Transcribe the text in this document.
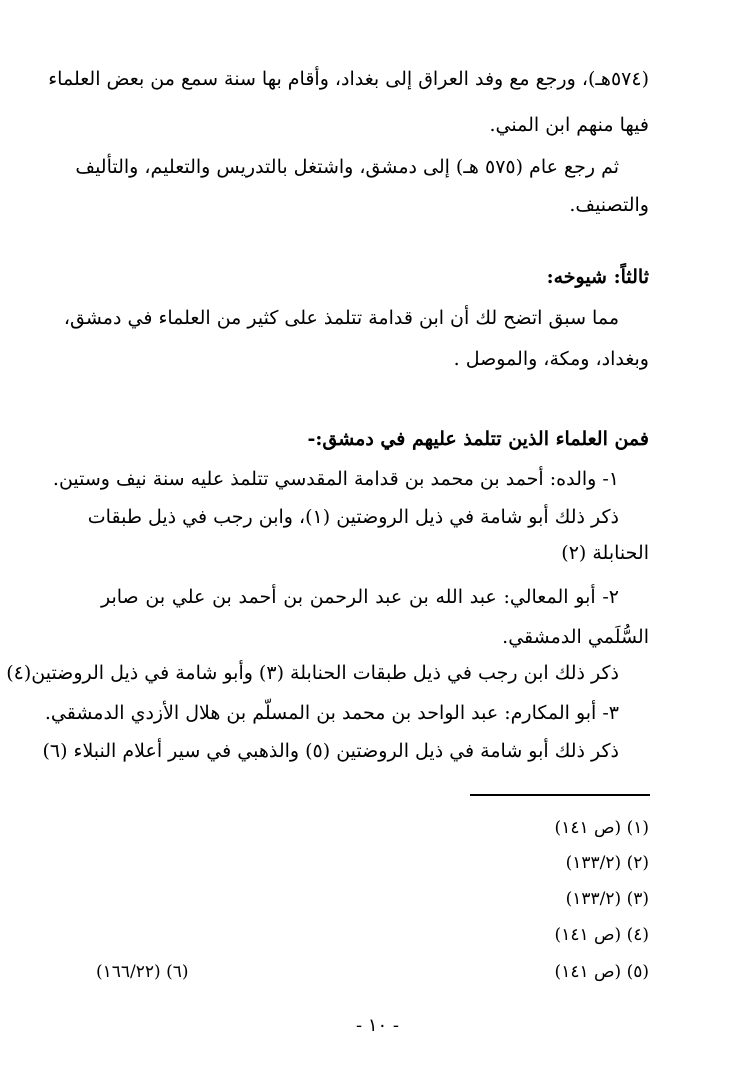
(٥٧٤هـ)، ورجع مع وفد العراق إلى بغداد، وأقام بها سنة سمع من بعض العلماء
فيها منهم ابن المني.
ثم رجع عام (٥٧٥ هـ) إلى دمشق، واشتغل بالتدريس والتعليم، والتأليف
والتصنيف.
ثالثاً: شيوخه:
مما سبق اتضح لك أن ابن قدامة تتلمذ على كثير من العلماء في دمشق،
وبغداد، ومكة، والموصل .
فمن العلماء الذين تتلمذ عليهم في دمشق:-
١- والده: أحمد بن محمد بن قدامة المقدسي تتلمذ عليه سنة نيف وستين.
ذكر ذلك أبو شامة في ذيل الروضتين (١)، وابن رجب في ذيل طبقات
الحنابلة (٢)
٢- أبو المعالي: عبد الله بن عبد الرحمن بن أحمد بن علي بن صابر
السُّلَمي الدمشقي.
ذكر ذلك ابن رجب في ذيل طبقات الحنابلة (٣) وأبو شامة في ذيل الروضتين(٤)
٣- أبو المكارم: عبد الواحد بن محمد بن المسلّم بن هلال الأزدي الدمشقي.
ذكر ذلك أبو شامة في ذيل الروضتين (٥) والذهبي في سير أعلام النبلاء (٦)
(١) (ص ١٤١)
(٢) (١٣٣/٢)
(٣) (١٣٣/٢)
(٤) (ص ١٤١)
(٥) (ص ١٤١)
(٦) (١٦٦/٢٢)
- ١٠ -
